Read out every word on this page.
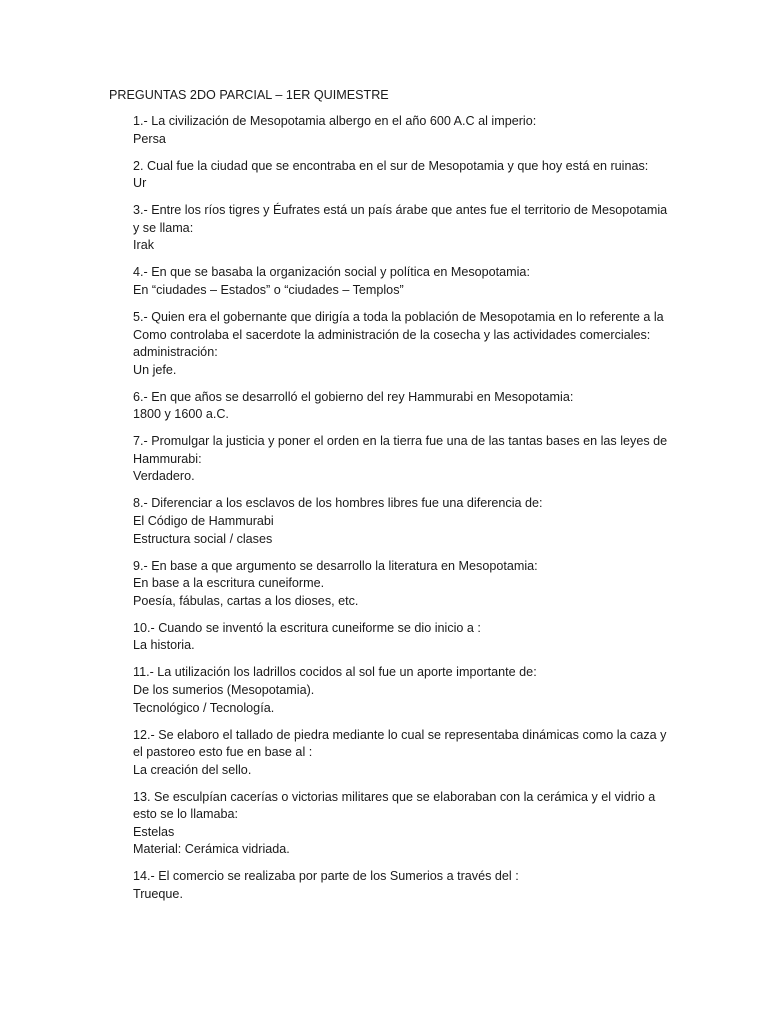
PREGUNTAS 2DO PARCIAL – 1ER QUIMESTRE
1.- La civilización de Mesopotamia albergo en el año 600 A.C al imperio:
Persa
2. Cual fue la ciudad que se encontraba en el sur de Mesopotamia y que hoy está en ruinas:
Ur
3.- Entre los ríos tigres y Éufrates está un país árabe que antes fue el territorio de Mesopotamia y se llama:
Irak
4.- En que se basaba la organización social y política en Mesopotamia:
En “ciudades – Estados” o “ciudades – Templos”
5.- Quien era el gobernante que dirigía a toda la población de Mesopotamia en lo referente a la Como controlaba el sacerdote la administración de la cosecha y las actividades comerciales: administración:
Un jefe.
6.- En que años se desarrolló el gobierno del rey Hammurabi en Mesopotamia:
1800 y 1600 a.C.
7.- Promulgar la justicia y poner el orden en la tierra fue una de las tantas bases en las leyes de Hammurabi:
Verdadero.
8.- Diferenciar a los esclavos de los hombres libres fue una diferencia de:
El Código de Hammurabi
Estructura social / clases
9.- En base a que argumento se desarrollo la literatura en Mesopotamia:
En base a la escritura cuneiforme.
Poesía, fábulas, cartas a los dioses, etc.
10.- Cuando se inventó la escritura cuneiforme se dio inicio a :
La historia.
11.- La utilización los ladrillos cocidos al sol fue un aporte importante de:
De los sumerios (Mesopotamia).
Tecnológico / Tecnología.
12.- Se elaboro el tallado de piedra mediante lo cual se representaba dinámicas como la caza y el pastoreo esto fue en base al :
La creación del sello.
13. Se esculpían cacerías o victorias militares que se elaboraban con la cerámica y el vidrio a esto se lo llamaba:
Estelas
Material: Cerámica vidriada.
14.- El comercio se realizaba por parte de los Sumerios a través del :
Trueque.
